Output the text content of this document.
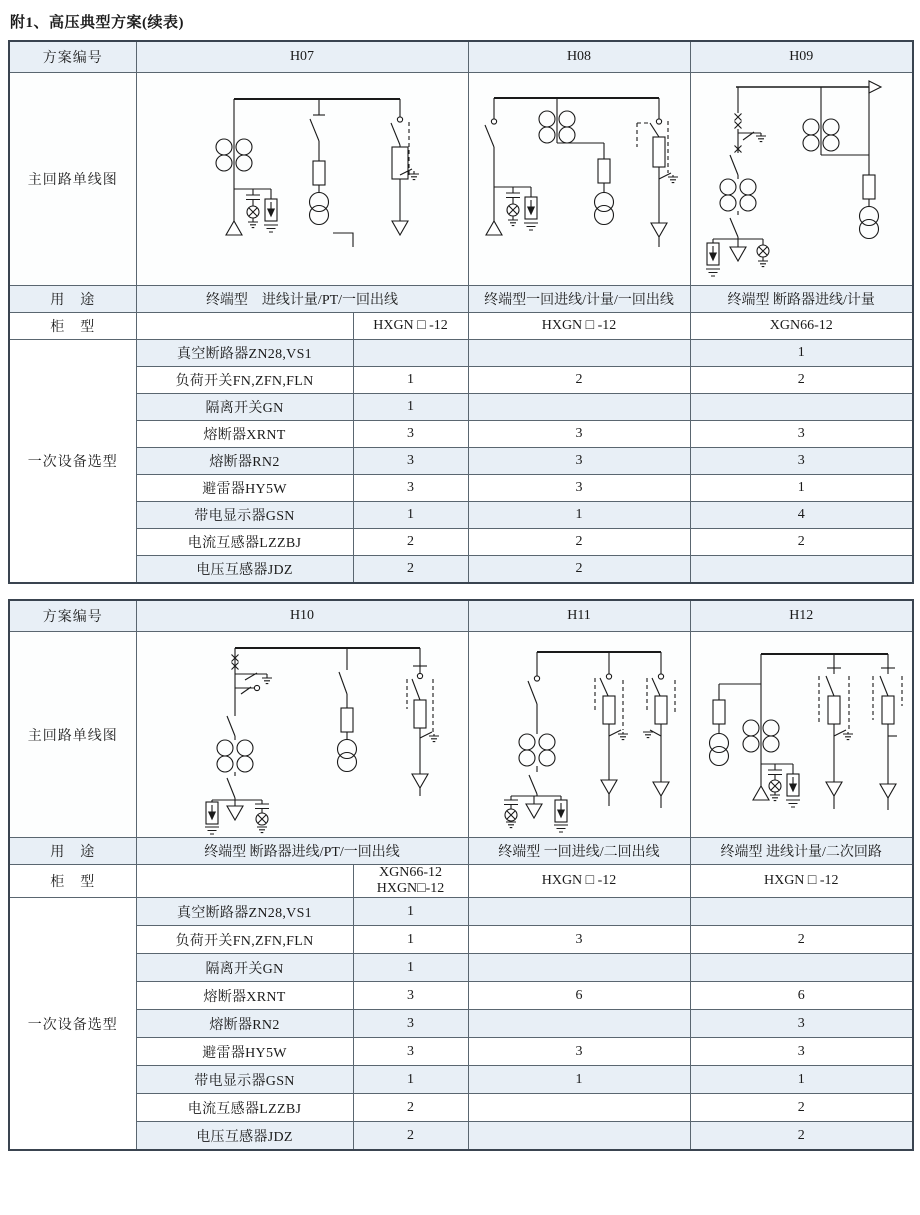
附1、高压典型方案(续表)
方案编号	H07		H08	H09
主回路单线图	

用　途	终端型　进线计量/PT/一回出线		终端型一回进线/计量/一回出线	终端型 断路器进线/计量
柜　型		HXGN □ -12	HXGN □ -12	XGN66-12
一次设备选型	真空断路器ZN28,VS1			1
	负荷开关FN,ZFN,FLN	1	2	2
	隔离开关GN	1		
	熔断器XRNT	3	3	3
	熔断器RN2	3	3	3
	避雷器HY5W	3	3	1
	带电显示器GSN	1	1	4
	电流互感器LZZBJ	2	2	2
	电压互感器JDZ	2	2	
方案编号	H10		H11	H12
主回路单线图	

用　途	终端型 断路器进线/PT/一回出线		终端型 一回进线/二回出线	终端型 进线计量/二次回路
柜　型		XGN66-12 HXGN□-12	HXGN □ -12	HXGN □ -12
一次设备选型	真空断路器ZN28,VS1	1		
	负荷开关FN,ZFN,FLN	1	3	2
	隔离开关GN	1		
	熔断器XRNT	3	6	6
	熔断器RN2	3		3
	避雷器HY5W	3	3	3
	带电显示器GSN	1	1	1
	电流互感器LZZBJ	2		2
	电压互感器JDZ	2		2
